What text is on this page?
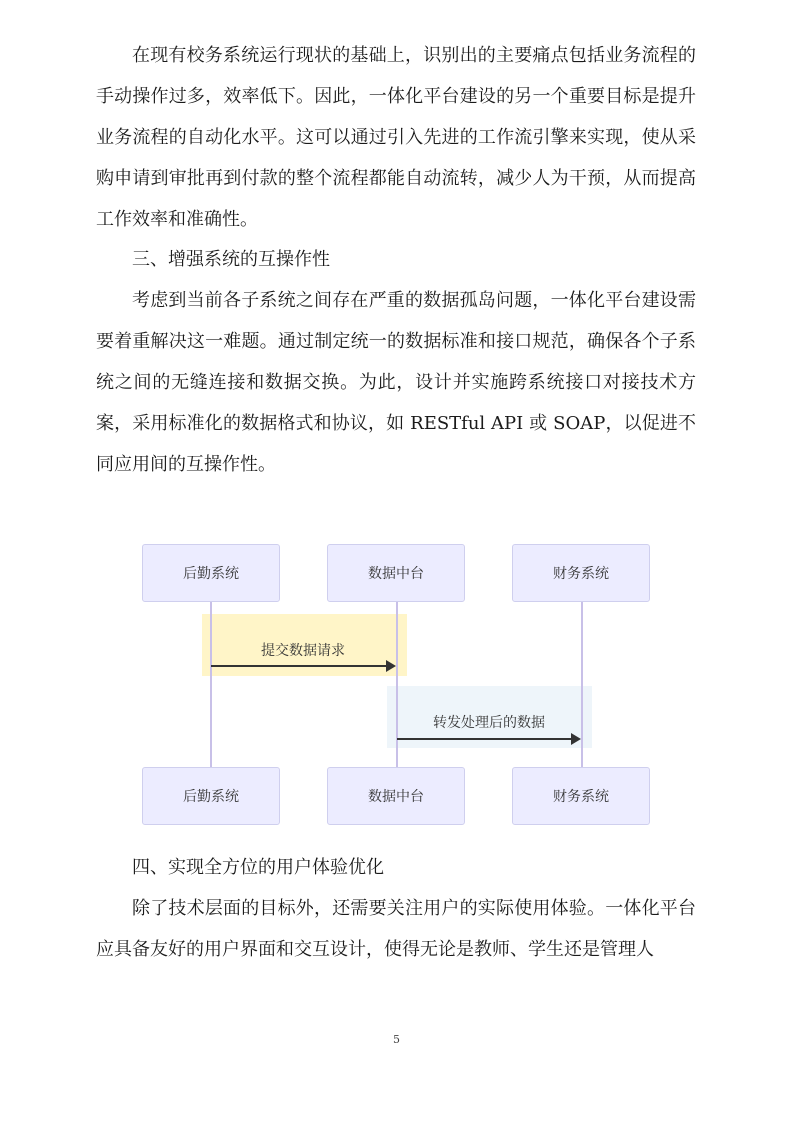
在现有校务系统运行现状的基础上，识别出的主要痛点包括业务流程的手动操作过多，效率低下。因此，一体化平台建设的另一个重要目标是提升业务流程的自动化水平。这可以通过引入先进的工作流引擎来实现，使从采购申请到审批再到付款的整个流程都能自动流转，减少人为干预，从而提高工作效率和准确性。

三、增强系统的互操作性

考虑到当前各子系统之间存在严重的数据孤岛问题，一体化平台建设需要着重解决这一难题。通过制定统一的数据标准和接口规范，确保各个子系统之间的无缝连接和数据交换。为此，设计并实施跨系统接口对接技术方案，采用标准化的数据格式和协议，如 RESTful API 或 SOAP，以促进不同应用间的互操作性。

后勤系统	数据中台	财务系统
提交数据请求
转发处理后的数据
后勤系统	数据中台	财务系统

四、实现全方位的用户体验优化

除了技术层面的目标外，还需要关注用户的实际使用体验。一体化平台应具备友好的用户界面和交互设计，使得无论是教师、学生还是管理人

5
